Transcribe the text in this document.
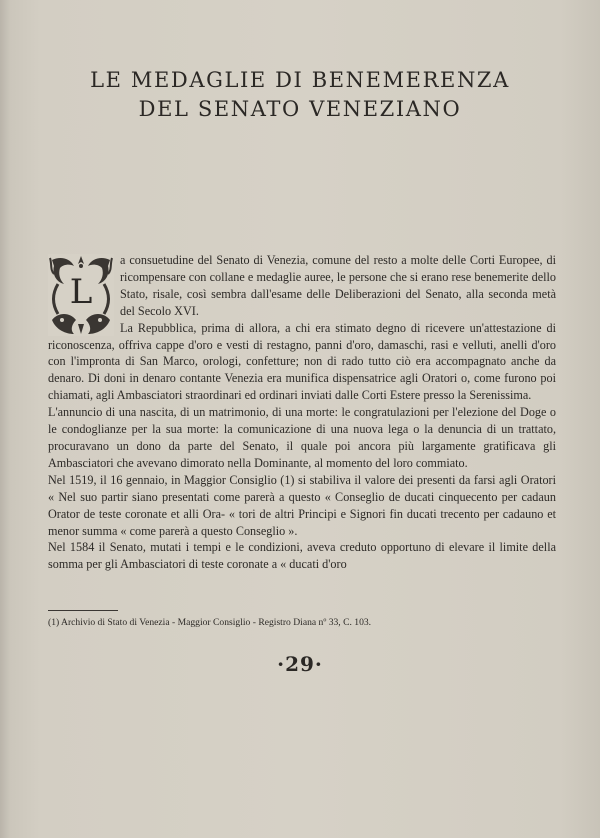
LE MEDAGLIE DI BENEMERENZA
DEL SENATO VENEZIANO
L

a consuetudine del Senato di Venezia, comune del resto a molte delle Corti Europee, di ricompensare con collane e medaglie auree, le persone che si erano rese benemerite dello Stato, risale, così sembra dall'esame delle Deliberazioni del Senato, alla seconda metà del Secolo XVI.

La Repubblica, prima di allora, a chi era stimato degno di ricevere un'attestazione di riconoscenza, offriva cappe d'oro e vesti di restagno, panni d'oro, damaschi, rasi e velluti, anelli d'oro con l'impronta di San Marco, orologi, confetture; non di rado tutto ciò era accompagnato anche da denaro. Di doni in denaro contante Venezia era munifica dispensatrice agli Oratori o, come furono poi chiamati, agli Ambasciatori straordinari ed ordinari inviati dalle Corti Estere presso la Serenissima.

L'annuncio di una nascita, di un matrimonio, di una morte: le congratulazioni per l'elezione del Doge o le condoglianze per la sua morte: la comunicazione di una nuova lega o la denuncia di un trattato, procuravano un dono da parte del Senato, il quale poi ancora più largamente gratificava gli Ambasciatori che avevano dimorato nella Dominante, al momento del loro commiato.

Nel 1519, il 16 gennaio, in Maggior Consiglio (1) si stabiliva il valore dei presenti da farsi agli Oratori « Nel suo partir siano presentati come parerà a questo « Conseglio de ducati cinquecento per cadaun Orator de teste coronate et alli Ora- « tori de altri Principi e Signori fin ducati trecento per cadauno et menor summa « come parerà a questo Conseglio ».

Nel 1584 il Senato, mutati i tempi e le condizioni, aveva creduto opportuno di elevare il limite della somma per gli Ambasciatori di teste coronate a « ducati d'oro

(1) Archivio di Stato di Venezia - Maggior Consiglio - Registro Diana nº 33, C. 103.
·29·
